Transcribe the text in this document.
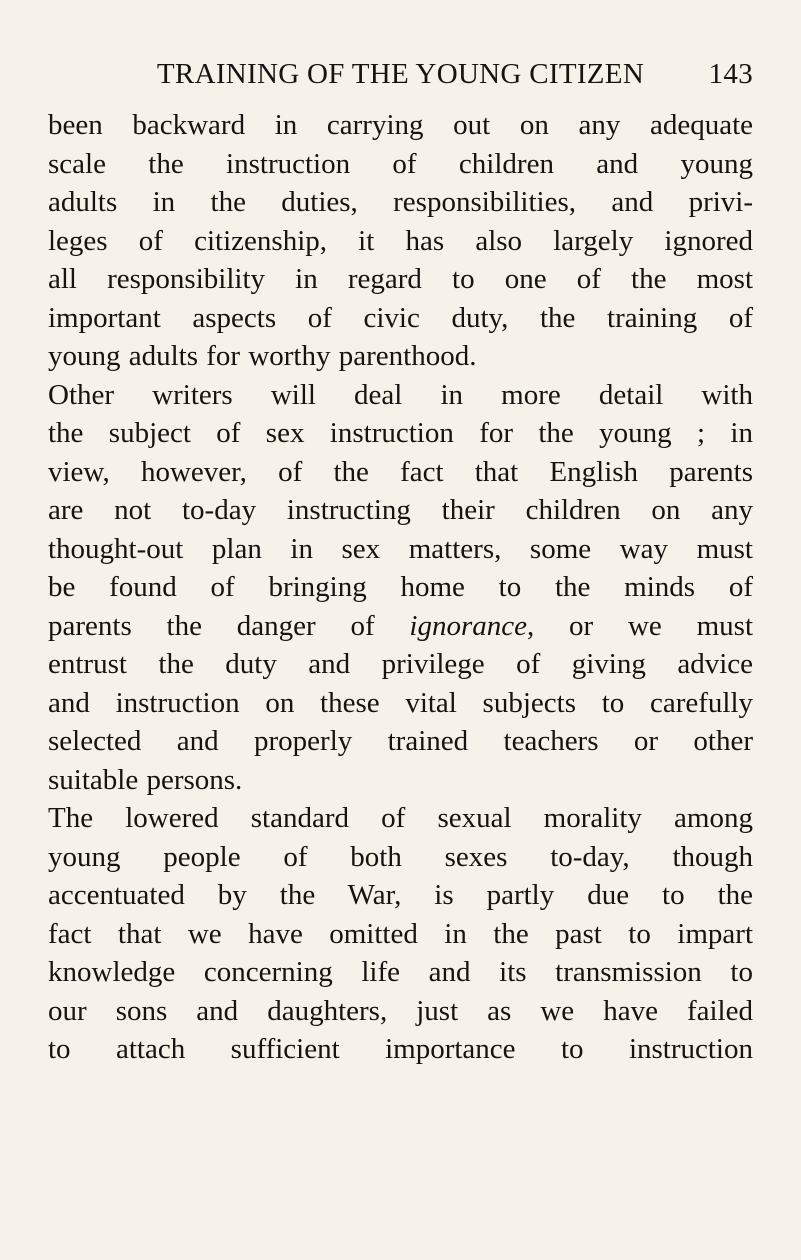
TRAINING OF THE YOUNG CITIZEN	143
been backward in carrying out on any adequate
scale the instruction of children and young
adults in the duties, responsibilities, and privi-
leges of citizenship, it has also largely ignored
all responsibility in regard to one of the most
important aspects of civic duty, the training of
young adults for worthy parenthood.
Other writers will deal in more detail with
the subject of sex instruction for the young ; in
view, however, of the fact that English parents
are not to-day instructing their children on any
thought-out plan in sex matters, some way must
be found of bringing home to the minds of
parents the danger of ignorance, or we must
entrust the duty and privilege of giving advice
and instruction on these vital subjects to carefully
selected and properly trained teachers or other
suitable persons.
The lowered standard of sexual morality among
young people of both sexes to-day, though
accentuated by the War, is partly due to the
fact that we have omitted in the past to impart
knowledge concerning life and its transmission to
our sons and daughters, just as we have failed
to attach sufficient importance to instruction
